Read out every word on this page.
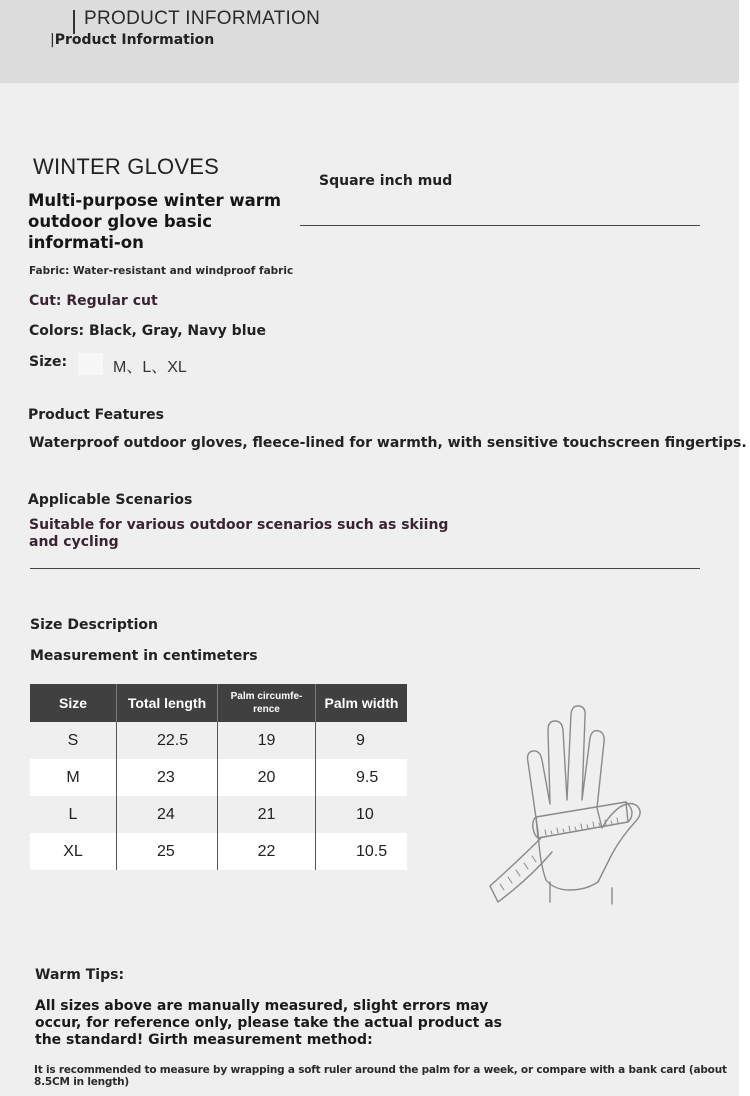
PRODUCT INFORMATION
|Product Information
WINTER GLOVES
Multi-purpose winter warm outdoor glove basic informati-on
Square inch mud
Fabric: Water-resistant and windproof fabric
Cut: Regular cut
Colors: Black, Gray, Navy blue
Size:	M、L、XL
Product Features
Waterproof outdoor gloves, fleece-lined for warmth, with sensitive touchscreen fingertips.
Applicable Scenarios
Suitable for various outdoor scenarios such as skiing and cycling
Size Description
Measurement in centimeters
Size	Total length	Palm circumfe-rence	Palm width
S	22.5	19	9
M	23	20	9.5
L	24	21	10
XL	25	22	10.5
Warm Tips:
All sizes above are manually measured, slight errors may occur, for reference only, please take the actual product as the standard! Girth measurement method:
It is recommended to measure by wrapping a soft ruler around the palm for a week, or compare with a bank card (about 8.5CM in length)
